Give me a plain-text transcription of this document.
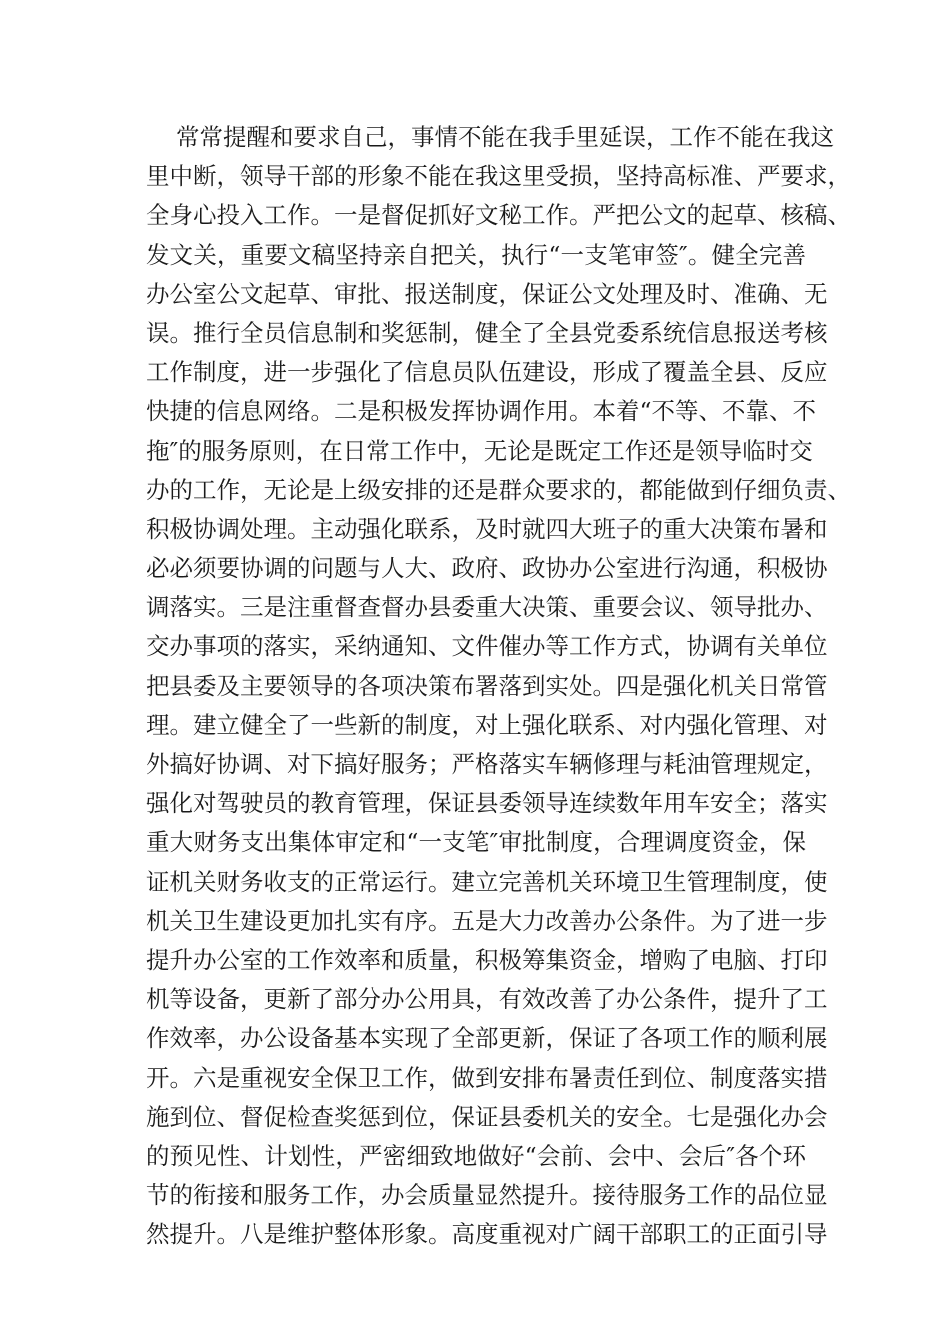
常常提醒和要求自己，事情不能在我手里延误，工作不能在我这
里中断，领导干部的形象不能在我这里受损，坚持高标准、严要求，
全身心投入工作。一是督促抓好文秘工作。严把公文的起草、核稿、
发文关，重要文稿坚持亲自把关，执行“一支笔审签″。健全完善
办公室公文起草、审批、报送制度，保证公文处理及时、准确、无
误。推行全员信息制和奖惩制，健全了全县党委系统信息报送考核
工作制度，进一步强化了信息员队伍建设，形成了覆盖全县、反应
快捷的信息网络。二是积极发挥协调作用。本着“不等、不靠、不
拖″的服务原则，在日常工作中，无论是既定工作还是领导临时交
办的工作，无论是上级安排的还是群众要求的，都能做到仔细负责、
积极协调处理。主动强化联系，及时就四大班子的重大决策布暑和
必必须要协调的问题与人大、政府、政协办公室进行沟通，积极协
调落实。三是注重督查督办县委重大决策、重要会议、领导批办、
交办事项的落实，采纳通知、文件催办等工作方式，协调有关单位
把县委及主要领导的各项决策布署落到实处。四是强化机关日常管
理。建立健全了一些新的制度，对上强化联系、对内强化管理、对
外搞好协调、对下搞好服务；严格落实车辆修理与耗油管理规定，
强化对驾驶员的教育管理，保证县委领导连续数年用车安全；落实
重大财务支出集体审定和“一支笔″审批制度，合理调度资金，保
证机关财务收支的正常运行。建立完善机关环境卫生管理制度，使
机关卫生建设更加扎实有序。五是大力改善办公条件。为了进一步
提升办公室的工作效率和质量，积极筹集资金，增购了电脑、打印
机等设备，更新了部分办公用具，有效改善了办公条件，提升了工
作效率，办公设备基本实现了全部更新，保证了各项工作的顺利展
开。六是重视安全保卫工作，做到安排布暑责任到位、制度落实措
施到位、督促检查奖惩到位，保证县委机关的安全。七是强化办会
的预见性、计划性，严密细致地做好“会前、会中、会后″各个环
节的衔接和服务工作，办会质量显然提升。接待服务工作的品位显
然提升。八是维护整体形象。高度重视对广阔干部职工的正面引导
